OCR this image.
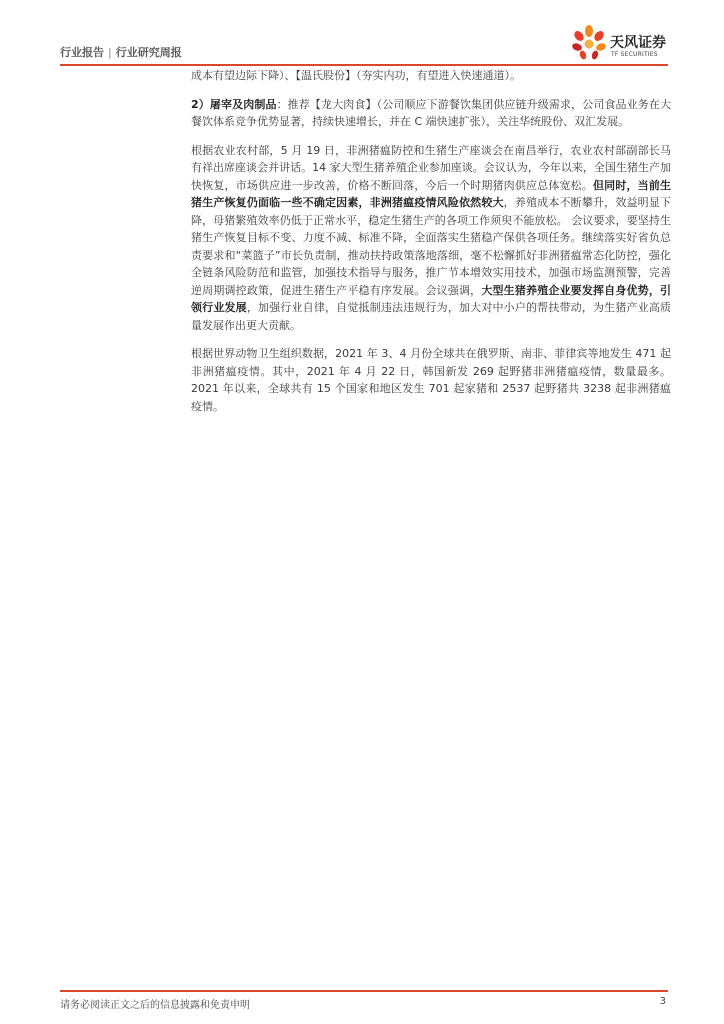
行业报告 | 行业研究周报
天风证券
TF SECURITIES

成本有望边际下降）、【温氏股份】（夯实内功，有望进入快速通道）。

2）屠宰及肉制品：推荐【龙大肉食】（公司顺应下游餐饮集团供应链升级需求，公司食品业务在大餐饮体系竞争优势显著，持续快速增长，并在 C 端快速扩张），关注华统股份、双汇发展。

根据农业农村部，5 月 19 日，非洲猪瘟防控和生猪生产座谈会在南昌举行，农业农村部副部长马有祥出席座谈会并讲话。14 家大型生猪养殖企业参加座谈。会议认为，今年以来，全国生猪生产加快恢复，市场供应进一步改善，价格不断回落，今后一个时期猪肉供应总体宽松。但同时，当前生猪生产恢复仍面临一些不确定因素，非洲猪瘟疫情风险依然较大，养殖成本不断攀升，效益明显下降，母猪繁殖效率仍低于正常水平，稳定生猪生产的各项工作须臾不能放松。 会议要求，要坚持生猪生产恢复目标不变、力度不减、标准不降，全面落实生猪稳产保供各项任务。继续落实好省负总责要求和“菜篮子”市长负责制，推动扶持政策落地落细，毫不松懈抓好非洲猪瘟常态化防控，强化全链条风险防范和监管，加强技术指导与服务，推广节本增效实用技术，加强市场监测预警，完善逆周期调控政策，促进生猪生产平稳有序发展。会议强调，大型生猪养殖企业要发挥自身优势，引领行业发展，加强行业自律，自觉抵制违法违规行为，加大对中小户的帮扶带动，为生猪产业高质量发展作出更大贡献。

根据世界动物卫生组织数据，2021 年 3、4 月份全球共在俄罗斯、南非、菲律宾等地发生 471 起非洲猪瘟疫情。其中，2021 年 4 月 22 日，韩国新发 269 起野猪非洲猪瘟疫情，数量最多。2021 年以来，全球共有 15 个国家和地区发生 701 起家猪和 2537 起野猪共 3238 起非洲猪瘟疫情。

请务必阅读正文之后的信息披露和免责申明	3
